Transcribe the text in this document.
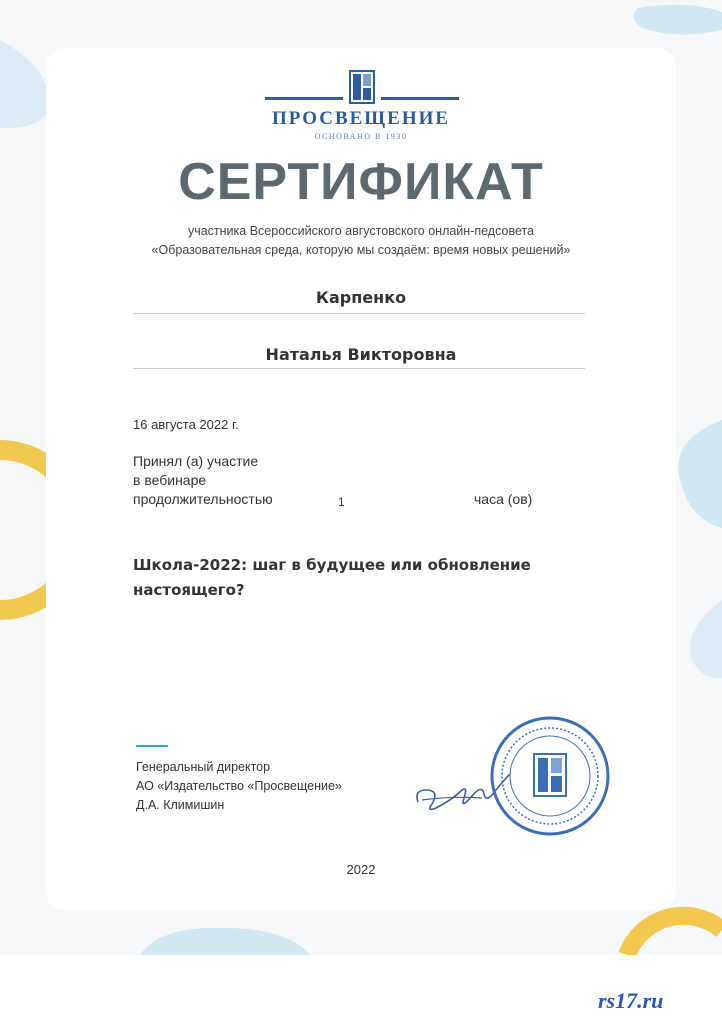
ПРОСВЕЩЕНИЕ
ОСНОВАНО В 1930
СЕРТИФИКАТ
участника Всероссийского августовского онлайн-педсовета
«Образовательная среда, которую мы создаём: время новых решений»
Карпенко
Наталья Викторовна
16 августа 2022 г.
Принял (а) участие
в вебинаре
продолжительностью	1	часа (ов)
Школа-2022: шаг в будущее или обновление
настоящего?
Генеральный директор
АО «Издательство «Просвещение»
Д.А. Климишин
2022
rs17.ru
